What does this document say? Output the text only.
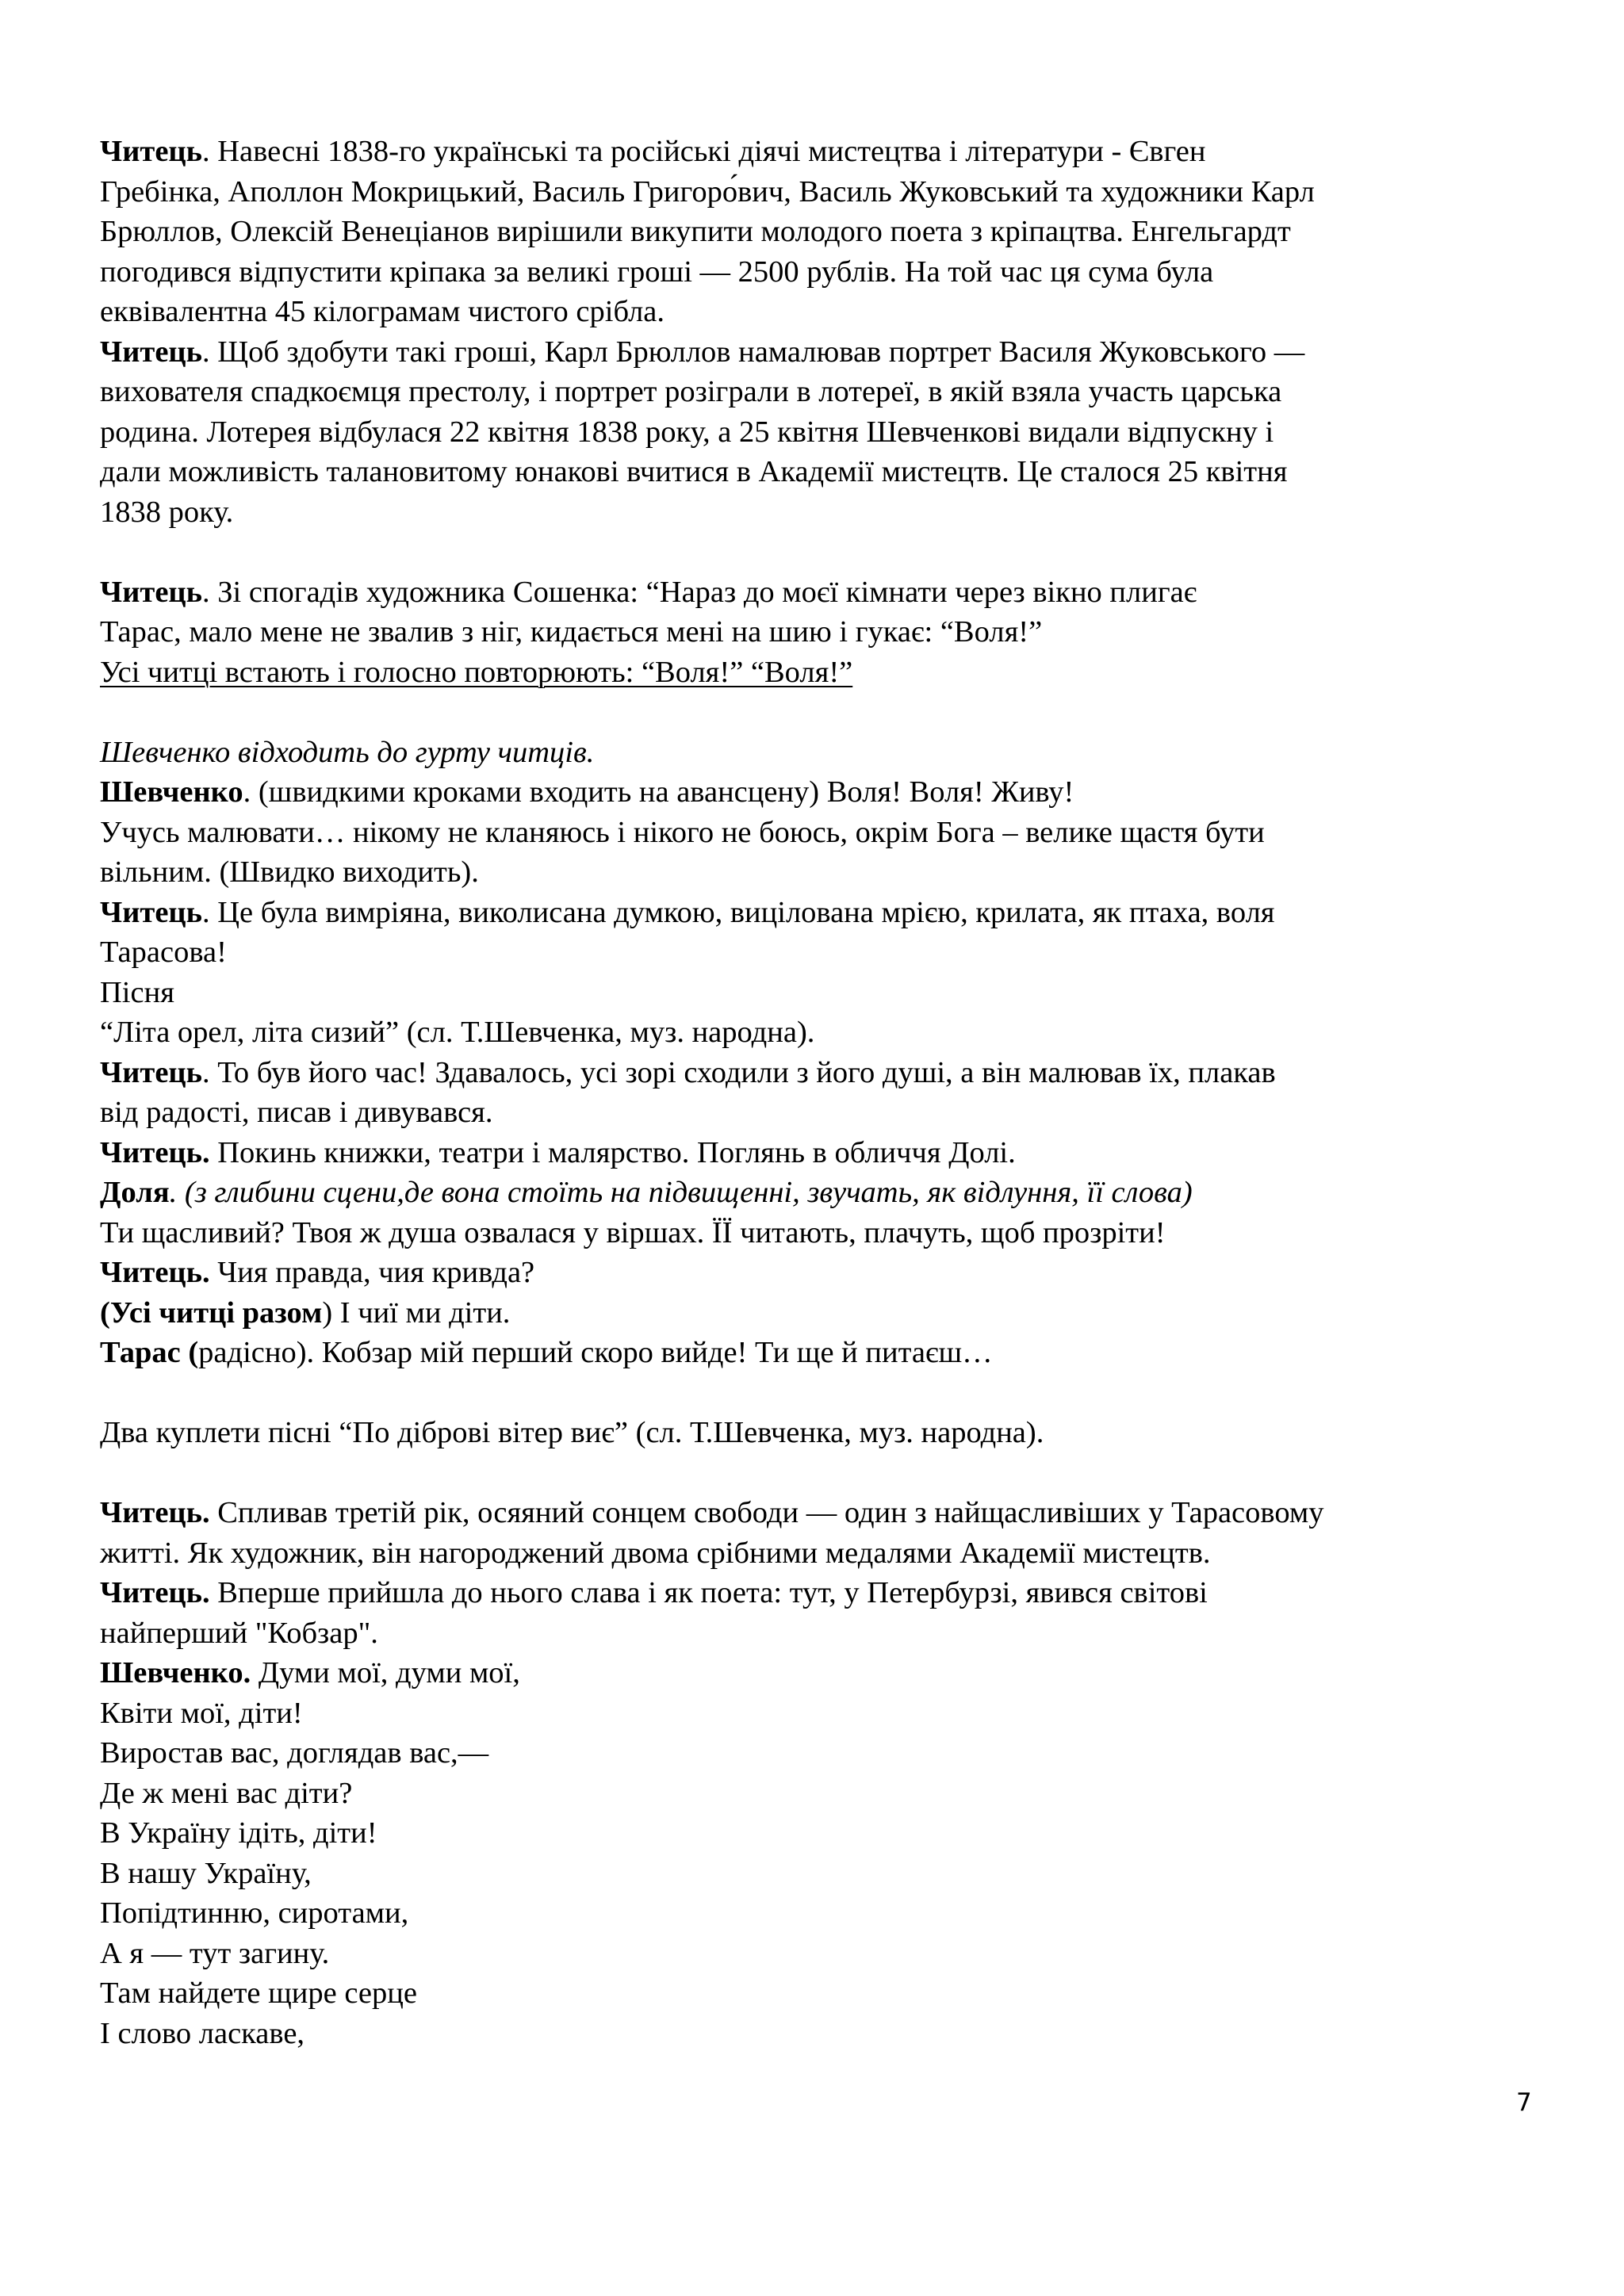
Читець. Навесні 1838-го українські та російські діячі мистецтва і літератури - Євген
Гребінка, Аполлон Мокрицький, Василь Григоро́вич, Василь Жуковський та художники Карл
Брюллов, Олексій Венеціанов вирішили викупити молодого поета з кріпацтва. Енгельгардт
погодився відпустити кріпака за великі гроші — 2500 рублів. На той час ця сума була
еквівалентна 45 кілограмам чистого срібла.
Читець. Щоб здобути такі гроші, Карл Брюллов намалював портрет Василя Жуковського —
вихователя спадкоємця престолу, і портрет розіграли в лотереї, в якій взяла участь царська
родина. Лотерея відбулася 22 квітня 1838 року, а 25 квітня Шевченкові видали відпускну і
дали можливість талановитому юнакові вчитися в Академії мистецтв. Це сталося 25 квітня
1838 року.
Читець. Зі спогадів художника Сошенка: “Нараз до моєї кімнати через вікно плигає
Тарас, мало мене не звалив з ніг, кидається мені на шию і гукає: “Воля!”
Усі читці встають і голосно повторюють: “Воля!” “Воля!”
Шевченко відходить до гурту читців.
Шевченко. (швидкими кроками входить на авансцену) Воля! Воля! Живу!
Учусь малювати… нікому не кланяюсь і нікого не боюсь, окрім Бога – велике щастя бути
вільним. (Швидко виходить).
Читець. Це була вимріяна, виколисана думкою, вицілована мрією, крилата, як птаха, воля
Тарасова!
Пісня
“Літа орел, літа сизий” (сл. Т.Шевченка, муз. народна).
Читець. То був його час! Здавалось, усі зорі сходили з його душі, а він малював їх, плакав
від радості, писав і дивувався.
Читець. Покинь книжки, театри і малярство. Поглянь в обличчя Долі.
Доля. (з глибини сцени,де вона стоїть на підвищенні, звучать, як відлуння, її слова)
Ти щасливий? Твоя ж душа озвалася у віршах. ЇЇ читають, плачуть, щоб прозріти!
Читець. Чия правда, чия кривда?
(Усі читці разом) І чиї ми діти.
Тарас (радісно). Кобзар мій перший скоро вийде! Ти ще й питаєш…
Два куплети пісні “По діброві вітер виє” (сл. Т.Шевченка, муз. народна).
Читець. Спливав третій рік, осяяний сонцем свободи — один з найщасливіших у Тарасовому
житті. Як художник, він нагороджений двома срібними медалями Академії мистецтв.
Читець. Вперше прийшла до нього слава і як поета: тут, у Петербурзі, явився світові
найперший "Кобзар".
Шевченко. Думи мої, думи мої,
Квіти мої, діти!
Виростав вас, доглядав вас,—
Де ж мені вас діти?
В Україну ідіть, діти!
В нашу Україну,
Попідтинню, сиротами,
А я — тут загину.
Там найдете щире серце
І слово ласкаве,
7
